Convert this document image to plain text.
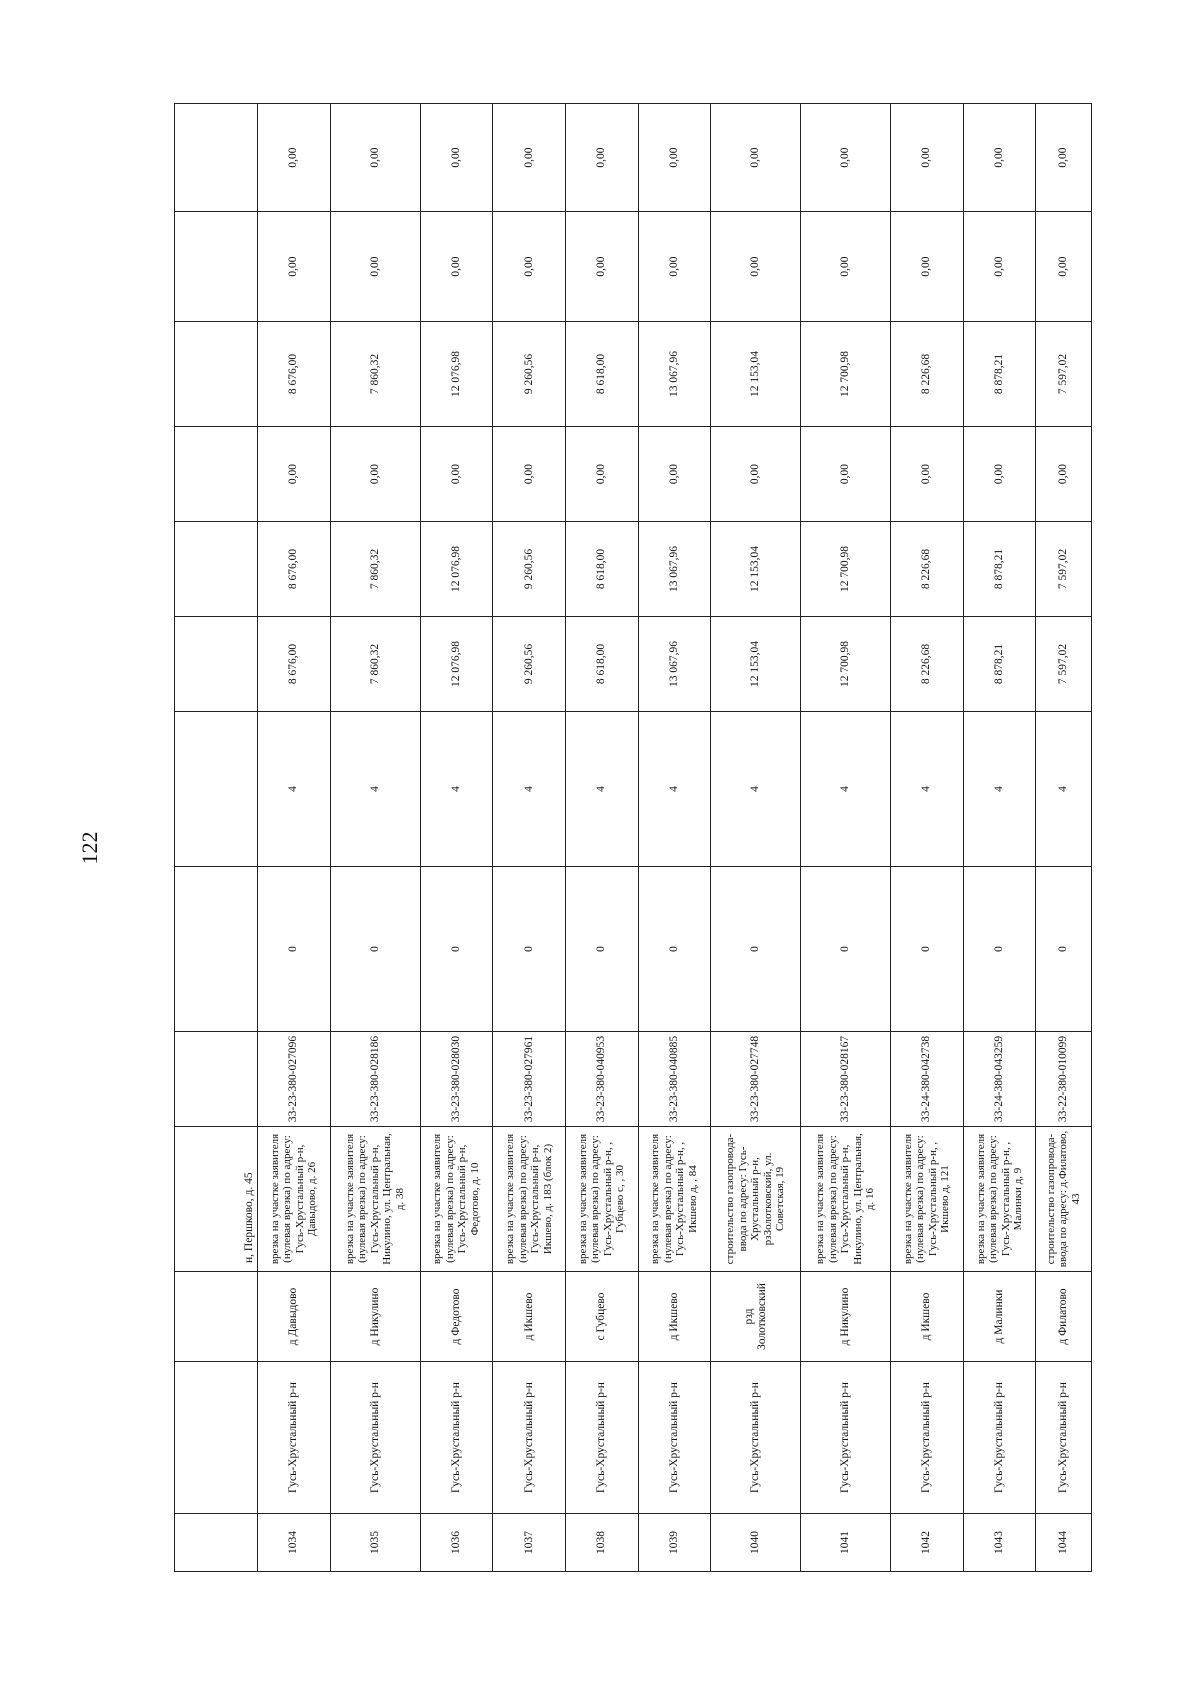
122
			н, Першково, д. 45									
1034	Гусь-Хрустальный р-н	д Давыдово	врезка на участке заявителя (нулевая врезка) по адресу: Гусь-Хрустальный р-н, Давыдово, д. 26	33-23-380-027096	0	4	8 676,00	8 676,00	0,00	8 676,00	0,00	0,00
1035	Гусь-Хрустальный р-н	д Никулино	врезка на участке заявителя (нулевая врезка) по адресу: Гусь-Хрустальный р-н, Никулино, ул. Центральная, д. 38	33-23-380-028186	0	4	7 860,32	7 860,32	0,00	7 860,32	0,00	0,00
1036	Гусь-Хрустальный р-н	д Федотово	врезка на участке заявителя (нулевая врезка) по адресу: Гусь-Хрустальный р-н, Федотово, д. 10	33-23-380-028030	0	4	12 076,98	12 076,98	0,00	12 076,98	0,00	0,00
1037	Гусь-Хрустальный р-н	д Икшево	врезка на участке заявителя (нулевая врезка) по адресу: Гусь-Хрустальный р-н, Икшево, д. 183 (блок 2)	33-23-380-027961	0	4	9 260,56	9 260,56	0,00	9 260,56	0,00	0,00
1038	Гусь-Хрустальный р-н	с Губцево	врезка на участке заявителя (нулевая врезка) по адресу: Гусь-Хрустальный р-н, , Губцево с, , 30	33-23-380-040953	0	4	8 618,00	8 618,00	0,00	8 618,00	0,00	0,00
1039	Гусь-Хрустальный р-н	д Икшево	врезка на участке заявителя (нулевая врезка) по адресу: Гусь-Хрустальный р-н, , Икшево д, , 84	33-23-380-040885	0	4	13 067,96	13 067,96	0,00	13 067,96	0,00	0,00
1040	Гусь-Хрустальный р-н	рзд Золотковский	строительство газопровода-ввода по адресу: Гусь-Хрустальный р-н, рзЗолотковский, ул. Советская, 19	33-23-380-027748	0	4	12 153,04	12 153,04	0,00	12 153,04	0,00	0,00
1041	Гусь-Хрустальный р-н	д Никулино	врезка на участке заявителя (нулевая врезка) по адресу: Гусь-Хрустальный р-н, Никулино, ул. Центральная, д. 16	33-23-380-028167	0	4	12 700,98	12 700,98	0,00	12 700,98	0,00	0,00
1042	Гусь-Хрустальный р-н	д Икшево	врезка на участке заявителя (нулевая врезка) по адресу: Гусь-Хрустальный р-н, , Икшево д, 121	33-24-380-042738	0	4	8 226,68	8 226,68	0,00	8 226,68	0,00	0,00
1043	Гусь-Хрустальный р-н	д Малинки	врезка на участке заявителя (нулевая врезка) по адресу: Гусь-Хрустальный р-н, , Малинки д, 9	33-24-380-043259	0	4	8 878,21	8 878,21	0,00	8 878,21	0,00	0,00
1044	Гусь-Хрустальный р-н	д Филатово	строительство газопровода-ввода по адресу: д.Филатово, 43	33-22-380-010099	0	4	7 597,02	7 597,02	0,00	7 597,02	0,00	0,00
